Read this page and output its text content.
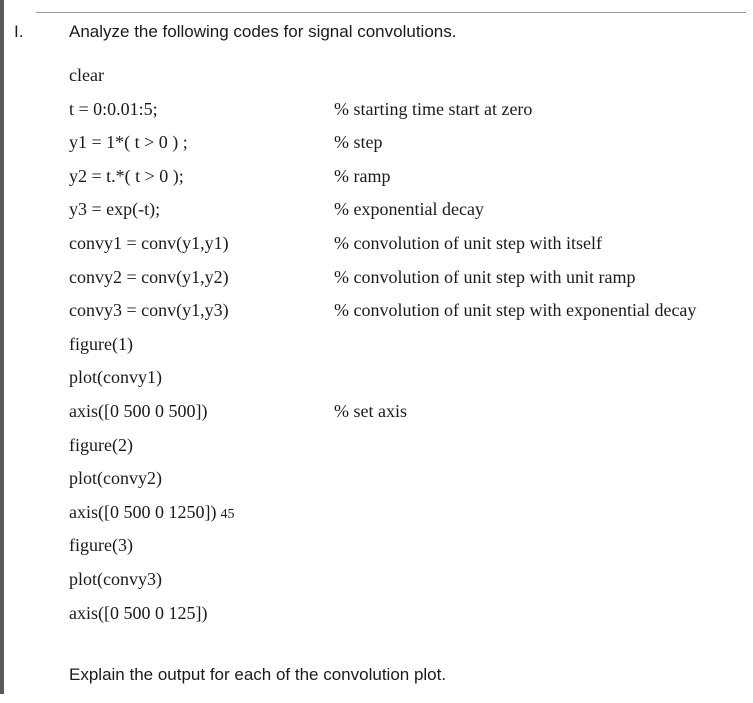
I.	Analyze the following codes for signal convolutions.
clear
t = 0:0.01:5;	% starting time start at zero
y1 = 1*( t > 0 ) ;	% step
y2 = t.*( t > 0 );	% ramp
y3 = exp(-t);	% exponential decay
convy1 = conv(y1,y1)	% convolution of unit step with itself
convy2 = conv(y1,y2)	% convolution of unit step with unit ramp
convy3 = conv(y1,y3)	% convolution of unit step with exponential decay
figure(1)
plot(convy1)
axis([0 500 0 500])	% set axis
figure(2)
plot(convy2)
axis([0 500 0 1250]) 45
figure(3)
plot(convy3)
axis([0 500 0 125])
Explain the output for each of the convolution plot.
